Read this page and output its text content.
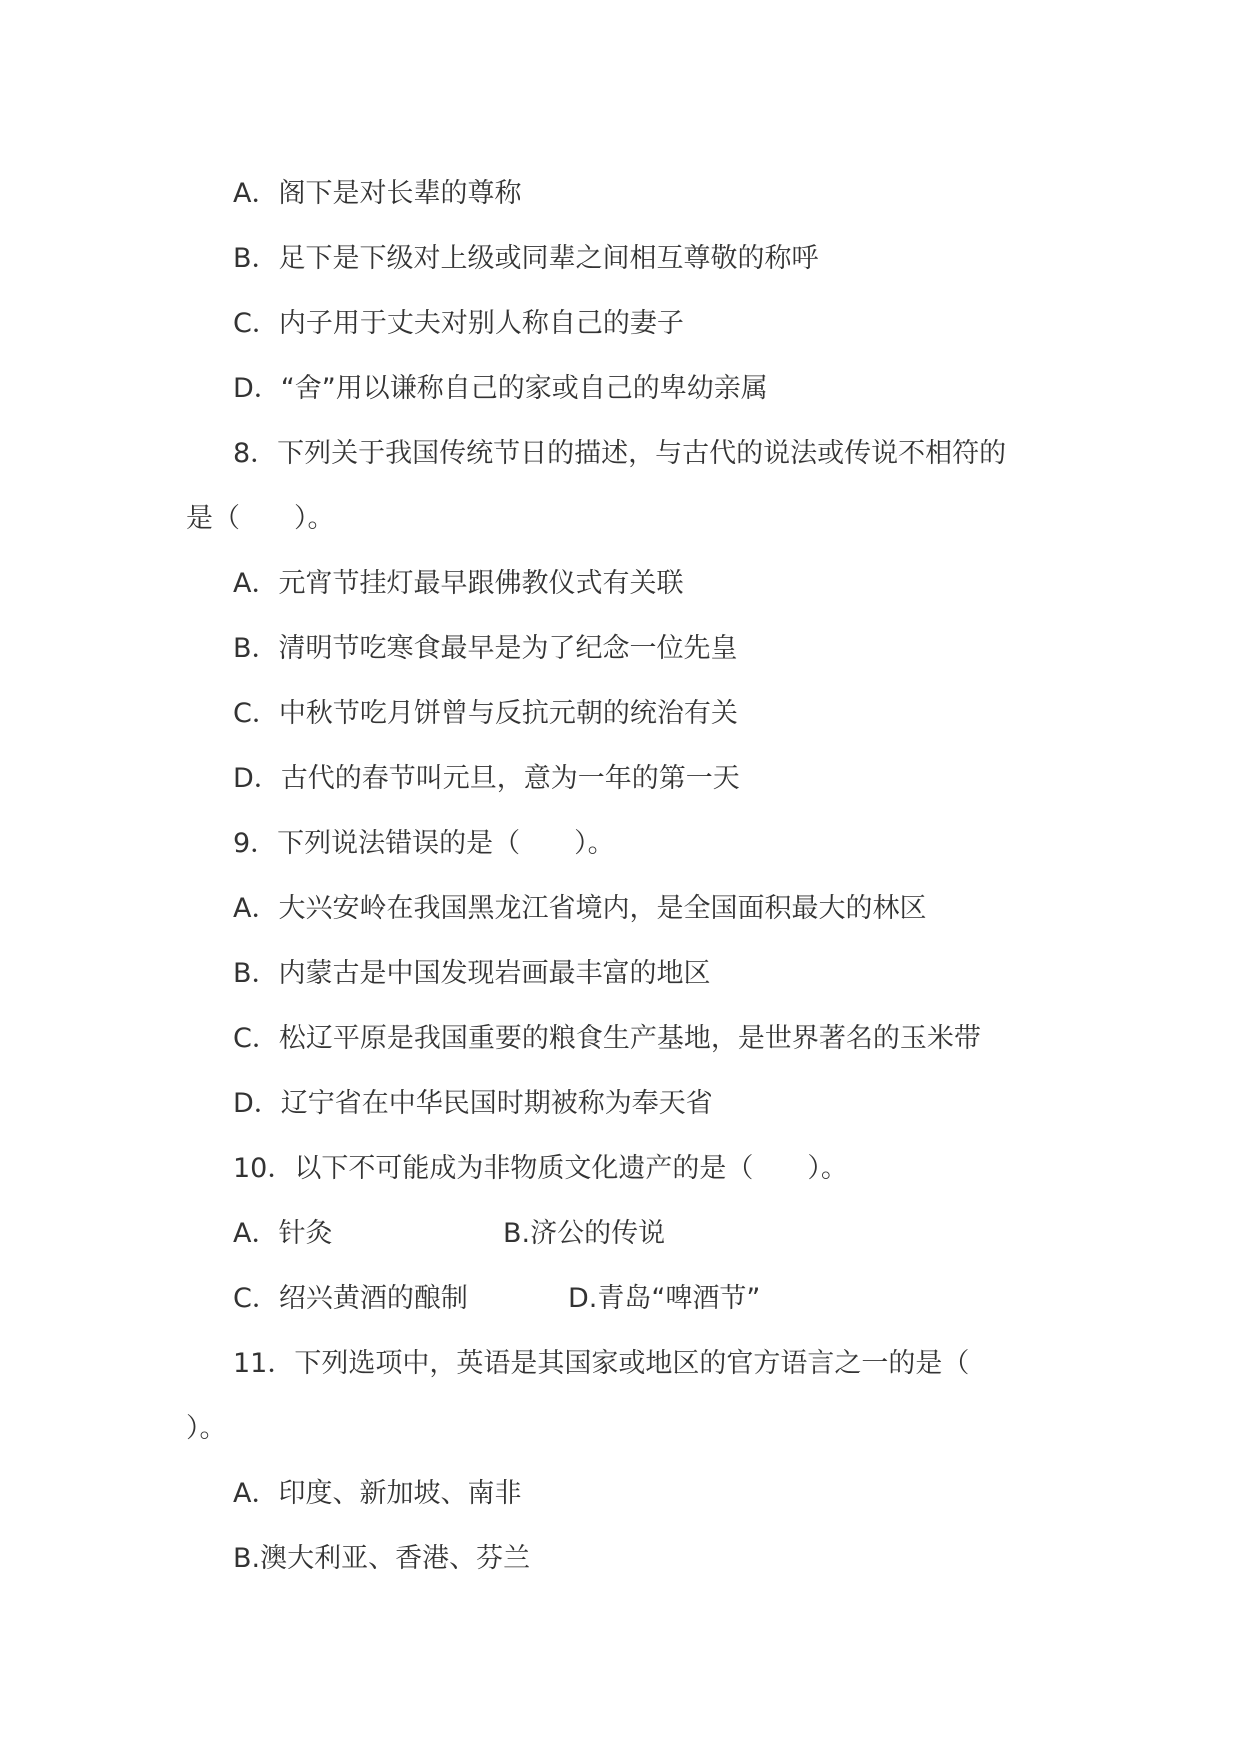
A．阁下是对长辈的尊称
B．足下是下级对上级或同辈之间相互尊敬的称呼
C．内子用于丈夫对别人称自己的妻子
D．“舍”用以谦称自己的家或自己的卑幼亲属
8．下列关于我国传统节日的描述，与古代的说法或传说不相符的
是（　　）。
A．元宵节挂灯最早跟佛教仪式有关联
B．清明节吃寒食最早是为了纪念一位先皇
C．中秋节吃月饼曾与反抗元朝的统治有关
D．古代的春节叫元旦，意为一年的第一天
9．下列说法错误的是（　　）。
A．大兴安岭在我国黑龙江省境内，是全国面积最大的林区
B．内蒙古是中国发现岩画最丰富的地区
C．松辽平原是我国重要的粮食生产基地，是世界著名的玉米带
D．辽宁省在中华民国时期被称为奉天省
10．以下不可能成为非物质文化遗产的是（　　）。
A．针灸	B.济公的传说
C．绍兴黄酒的酿制	D.青岛“啤酒节”
11．下列选项中，英语是其国家或地区的官方语言之一的是（
）。
A．印度、新加坡、南非
B.澳大利亚、香港、芬兰
